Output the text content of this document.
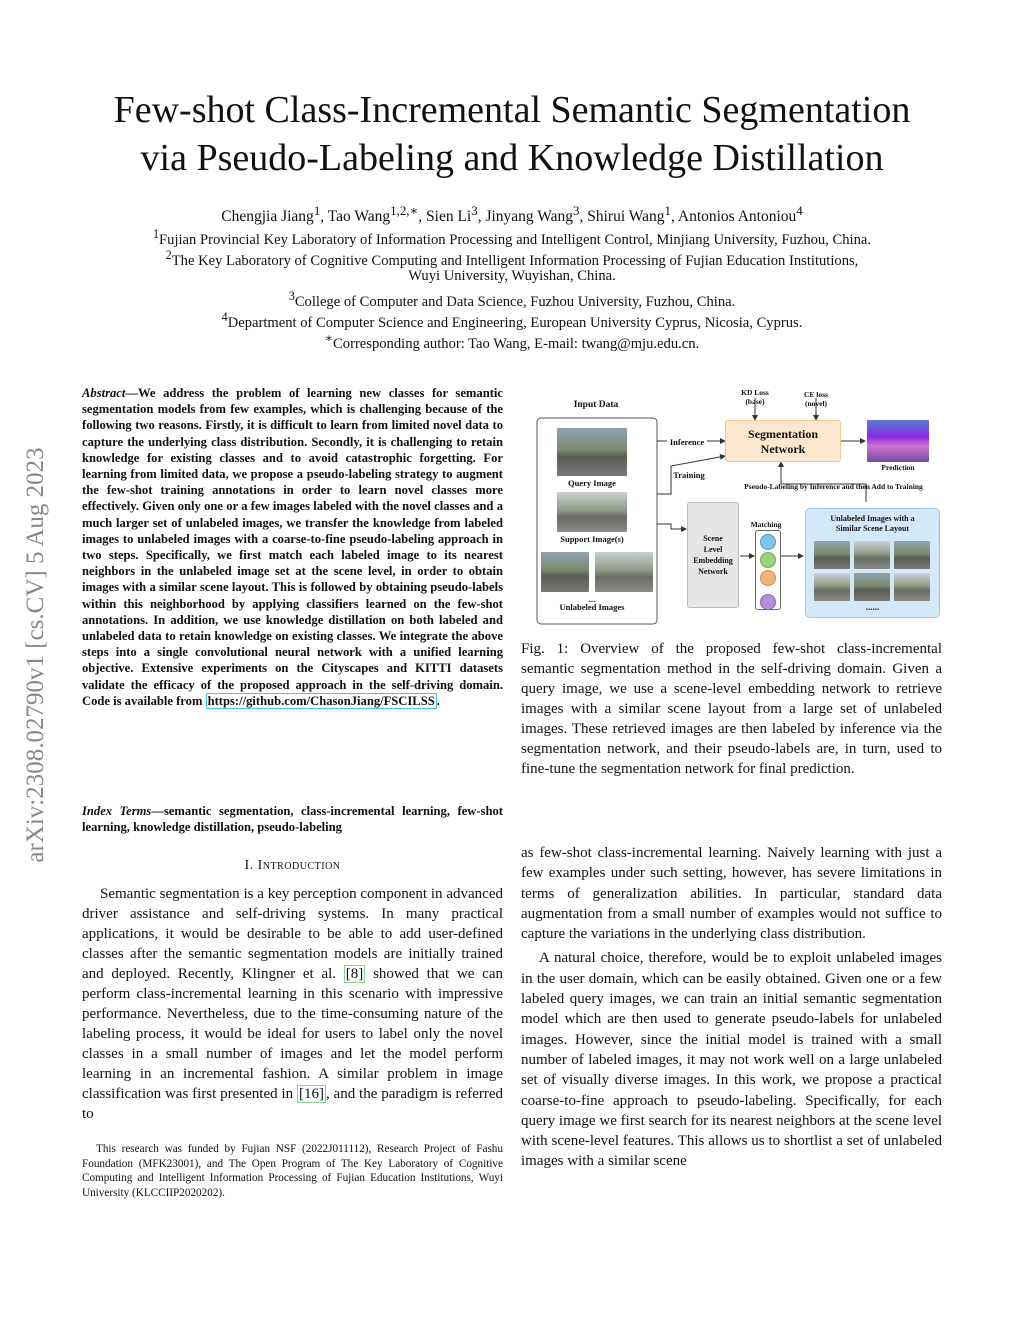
arXiv:2308.02790v1 [cs.CV] 5 Aug 2023
Few-shot Class-Incremental Semantic Segmentation
via Pseudo-Labeling and Knowledge Distillation
Chengjia Jiang$^1$, Tao Wang$^{1,2,∗}$, Sien Li$^3$, Jinyang Wang$^3$, Shirui Wang$^1$, Antonios Antoniou$^4$
$^1$Fujian Provincial Key Laboratory of Information Processing and Intelligent Control, Minjiang University, Fuzhou, China.
$^2$The Key Laboratory of Cognitive Computing and Intelligent Information Processing of Fujian Education Institutions,
Wuyi University, Wuyishan, China.
$^3$College of Computer and Data Science, Fuzhou University, Fuzhou, China.
$^4$Department of Computer Science and Engineering, European University Cyprus, Nicosia, Cyprus.
∗Corresponding author: Tao Wang, E-mail: twang@mju.edu.cn.
Abstract—We address the problem of learning new classes for semantic segmentation models from few examples, which is challenging because of the following two reasons. Firstly, it is difficult to learn from limited novel data to capture the underlying class distribution. Secondly, it is challenging to retain knowledge for existing classes and to avoid catastrophic forgetting. For learning from limited data, we propose a pseudo-labeling strategy to augment the few-shot training annotations in order to learn novel classes more effectively. Given only one or a few images labeled with the novel classes and a much larger set of unlabeled images, we transfer the knowledge from labeled images to unlabeled images with a coarse-to-fine pseudo-labeling approach in two steps. Specifically, we first match each labeled image to its nearest neighbors in the unlabeled image set at the scene level, in order to obtain images with a similar scene layout. This is followed by obtaining pseudo-labels within this neighborhood by applying classifiers learned on the few-shot annotations. In addition, we use knowledge distillation on both labeled and unlabeled data to retain knowledge on existing classes. We integrate the above steps into a single convolutional neural network with a unified learning objective. Extensive experiments on the Cityscapes and KITTI datasets validate the efficacy of the proposed approach in the self-driving domain. Code is available from https://github.com/ChasonJiang/FSCILSS .
Index Terms—semantic segmentation, class-incremental learning, few-shot learning, knowledge distillation, pseudo-labeling
I. Introduction

Semantic segmentation is a key perception component in advanced driver assistance and self-driving systems. In many practical applications, it would be desirable to be able to add user-defined classes after the semantic segmentation models are initially trained and deployed. Recently, Klingner et al. [8] showed that we can perform class-incremental learning in this scenario with impressive performance. Nevertheless, due to the time-consuming nature of the labeling process, it would be ideal for users to label only the novel classes in a small number of images and let the model perform learning in an incremental fashion. A similar problem in image classification was first presented in [16] , and the paradigm is referred to

This research was funded by Fujian NSF (2022J011112), Research Project of Fashu Foundation (MFK23001), and The Open Program of The Key Laboratory of Cognitive Computing and Intelligent Information Processing of Fujian Education Institutions, Wuyi University (KLCCIIP2020202).

Input Data
Query Image
Support Image(s)
...
Unlabeled Images
Inference
Training
KD Loss
(base)
CE loss
(novel)
Segmentation
Network
Prediction
Pseudo-Labeling by Inference and then Add to Training
Scene
Level
Embedding
Network
Matching
Unlabeled Images with a
Similar Scene Layout
......
Fig. 1: Overview of the proposed few-shot class-incremental semantic segmentation method in the self-driving domain. Given a query image, we use a scene-level embedding network to retrieve images with a similar scene layout from a large set of unlabeled images. These retrieved images are then labeled by inference via the segmentation network, and their pseudo-labels are, in turn, used to fine-tune the segmentation network for final prediction.

as few-shot class-incremental learning. Naively learning with just a few examples under such setting, however, has severe limitations in terms of generalization abilities. In particular, standard data augmentation from a small number of examples would not suffice to capture the variations in the underlying class distribution.

A natural choice, therefore, would be to exploit unlabeled images in the user domain, which can be easily obtained. Given one or a few labeled query images, we can train an initial semantic segmentation model which are then used to generate pseudo-labels for unlabeled images. However, since the initial model is trained with a small number of labeled images, it may not work well on a large unlabeled set of visually diverse images. In this work, we propose a practical coarse-to-fine approach to pseudo-labeling. Specifically, for each query image we first search for its nearest neighbors at the scene level with scene-level features. This allows us to shortlist a set of unlabeled images with a similar scene
